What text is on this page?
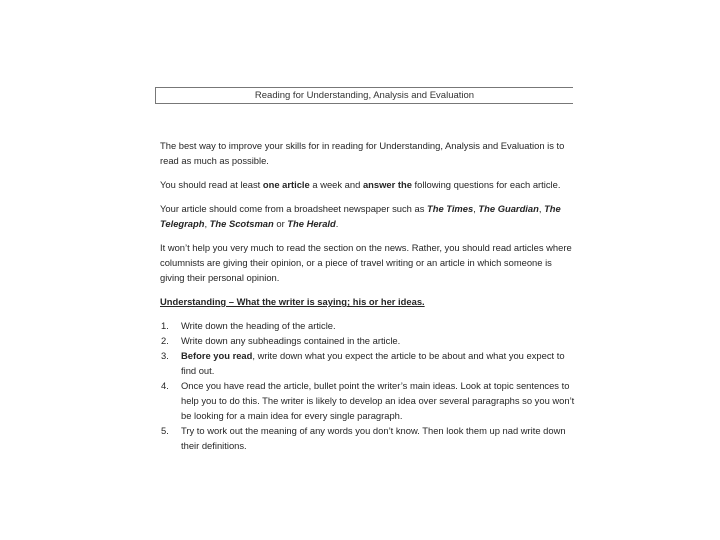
Reading for Understanding, Analysis and Evaluation

The best way to improve your skills for in reading for Understanding, Analysis and Evaluation is to read as much as possible.

You should read at least one article a week and answer the following questions for each article.

Your article should come from a broadsheet newspaper such as The Times, The Guardian, The Telegraph, The Scotsman or The Herald.

It won’t help you very much to read the section on the news. Rather, you should read articles where columnists are giving their opinion, or a piece of travel writing or an article in which someone is giving their personal opinion.

Understanding – What the writer is saying; his or her ideas.
1. Write down the heading of the article.
2. Write down any subheadings contained in the article.
3. Before you read, write down what you expect the article to be about and what you expect to find out.
4. Once you have read the article, bullet point the writer’s main ideas. Look at topic sentences to help you to do this. The writer is likely to develop an idea over several paragraphs so you won’t be looking for a main idea for every single paragraph.
5. Try to work out the meaning of any words you don’t know. Then look them up nad write down their definitions.
